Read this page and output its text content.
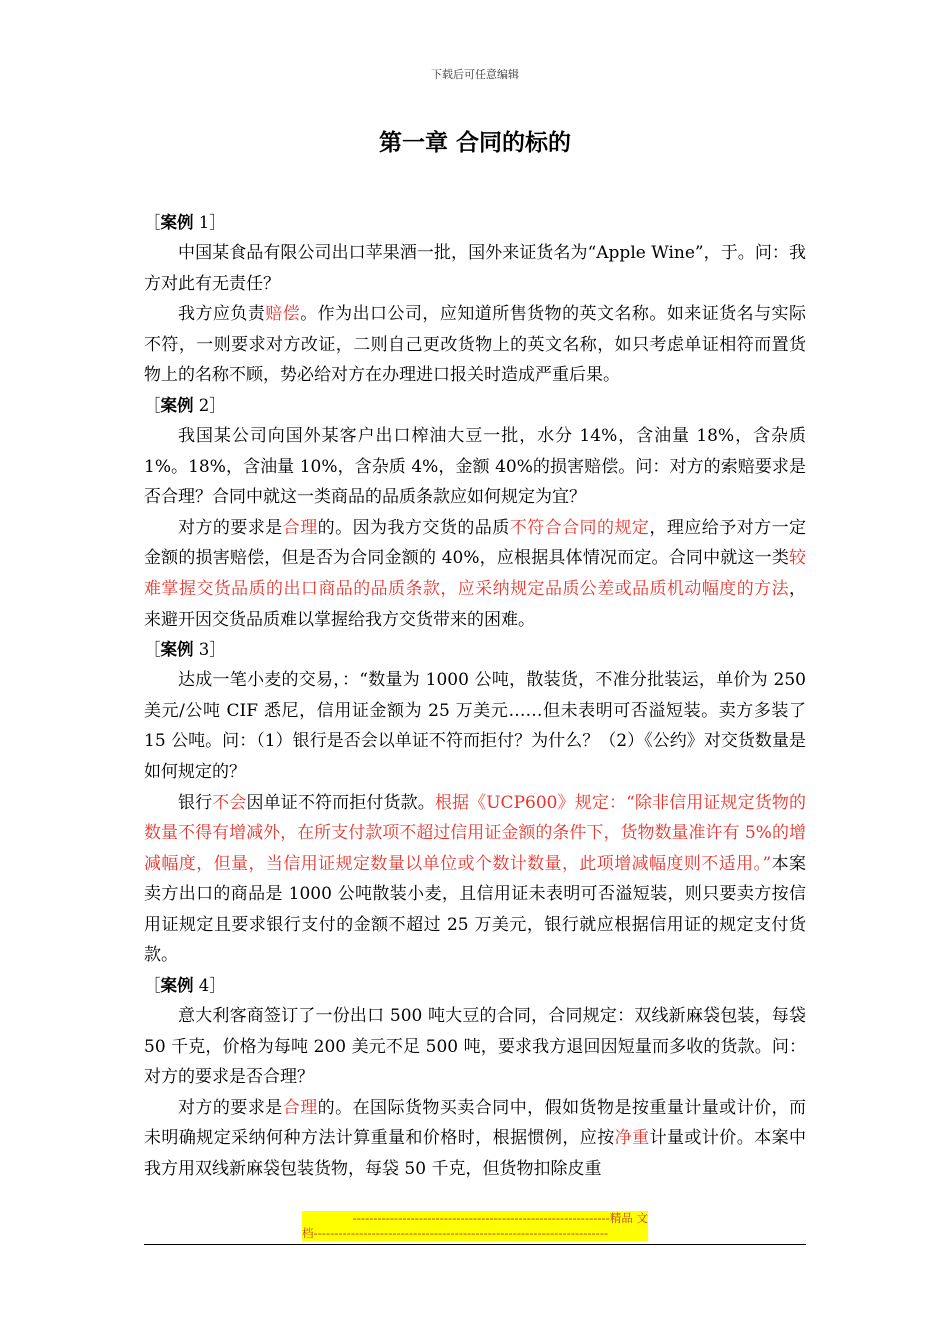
下载后可任意编辑
第一章 合同的标的
［案例 1］

中国某食品有限公司出口苹果酒一批，国外来证货名为“Apple Wine”，于。问：我方对此有无责任？

我方应负责赔偿。作为出口公司，应知道所售货物的英文名称。如来证货名与实际不符，一则要求对方改证，二则自己更改货物上的英文名称，如只考虑单证相符而置货物上的名称不顾，势必给对方在办理进口报关时造成严重后果。

［案例 2］

我国某公司向国外某客户出口榨油大豆一批，水分 14%，含油量 18%，含杂质 1%。18%，含油量 10%，含杂质 4%，金额 40%的损害赔偿。问：对方的索赔要求是否合理？合同中就这一类商品的品质条款应如何规定为宜？

对方的要求是合理的。因为我方交货的品质不符合合同的规定，理应给予对方一定金额的损害赔偿，但是否为合同金额的 40%，应根据具体情况而定。合同中就这一类较难掌握交货品质的出口商品的品质条款，应采纳规定品质公差或品质机动幅度的方法，来避开因交货品质难以掌握给我方交货带来的困难。

［案例 3］

达成一笔小麦的交易，：“数量为 1000 公吨，散装货，不准分批装运，单价为 250 美元/公吨 CIF 悉尼，信用证金额为 25 万美元……但未表明可否溢短装。卖方多装了 15 公吨。问：（1）银行是否会以单证不符而拒付？为什么？（2）《公约》对交货数量是如何规定的？

银行不会因单证不符而拒付货款。根据《UCP600》规定：“除非信用证规定货物的数量不得有增减外，在所支付款项不超过信用证金额的条件下，货物数量准许有 5%的增减幅度，但量，当信用证规定数量以单位或个数计数量，此项增减幅度则不适用。”本案卖方出口的商品是 1000 公吨散装小麦，且信用证未表明可否溢短装，则只要卖方按信用证规定且要求银行支付的金额不超过 25 万美元，银行就应根据信用证的规定支付货款。

［案例 4］

意大利客商签订了一份出口 500 吨大豆的合同，合同规定：双线新麻袋包装，每袋 50 千克，价格为每吨 200 美元不足 500 吨，要求我方退回因短量而多收的货款。问：对方的要求是否合理？

对方的要求是合理的。在国际货物买卖合同中，假如货物是按重量计量或计价，而未明确规定采纳何种方法计算重量和价格时，根据惯例，应按净重计量或计价。本案中我方用双线新麻袋包装货物，每袋 50 千克，但货物扣除皮重

--------------------------------------------------------------精品 文
档-----------------------------------------------------------------------
